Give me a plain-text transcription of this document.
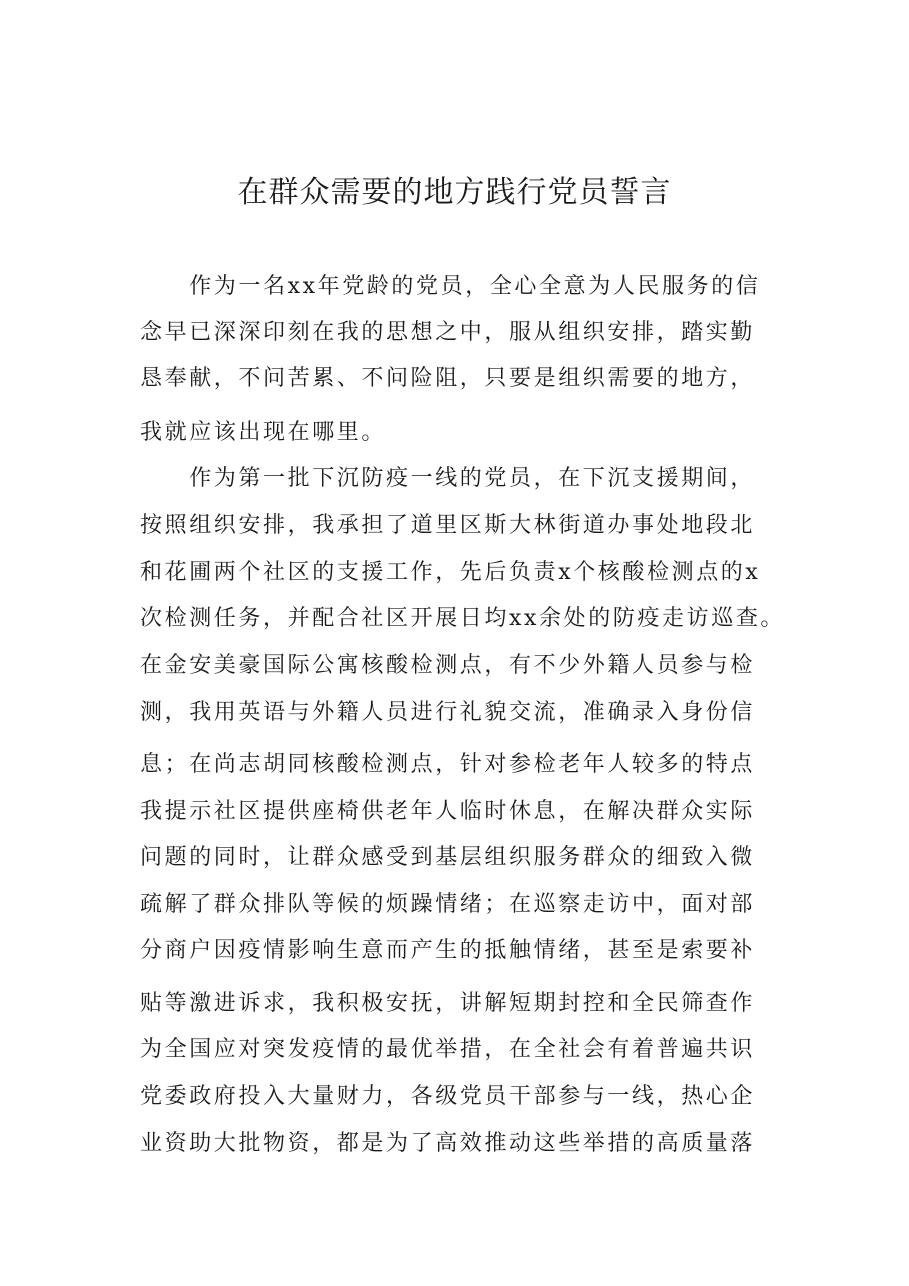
在群众需要的地方践行党员誓言
　　作为一名xx年党龄的党员，全心全意为人民服务的信
念早已深深印刻在我的思想之中，服从组织安排，踏实勤
恳奉献，不问苦累、不问险阻，只要是组织需要的地方，
我就应该出现在哪里。
　　作为第一批下沉防疫一线的党员，在下沉支援期间，
按照组织安排，我承担了道里区斯大林街道办事处地段北
和花圃两个社区的支援工作，先后负责x个核酸检测点的x
次检测任务，并配合社区开展日均xx余处的防疫走访巡查。
在金安美豪国际公寓核酸检测点，有不少外籍人员参与检
测，我用英语与外籍人员进行礼貌交流，准确录入身份信
息；在尚志胡同核酸检测点，针对参检老年人较多的特点
我提示社区提供座椅供老年人临时休息，在解决群众实际
问题的同时，让群众感受到基层组织服务群众的细致入微
疏解了群众排队等候的烦躁情绪；在巡察走访中，面对部
分商户因疫情影响生意而产生的抵触情绪，甚至是索要补
贴等激进诉求，我积极安抚，讲解短期封控和全民筛查作
为全国应对突发疫情的最优举措，在全社会有着普遍共识
党委政府投入大量财力，各级党员干部参与一线，热心企
业资助大批物资，都是为了高效推动这些举措的高质量落
